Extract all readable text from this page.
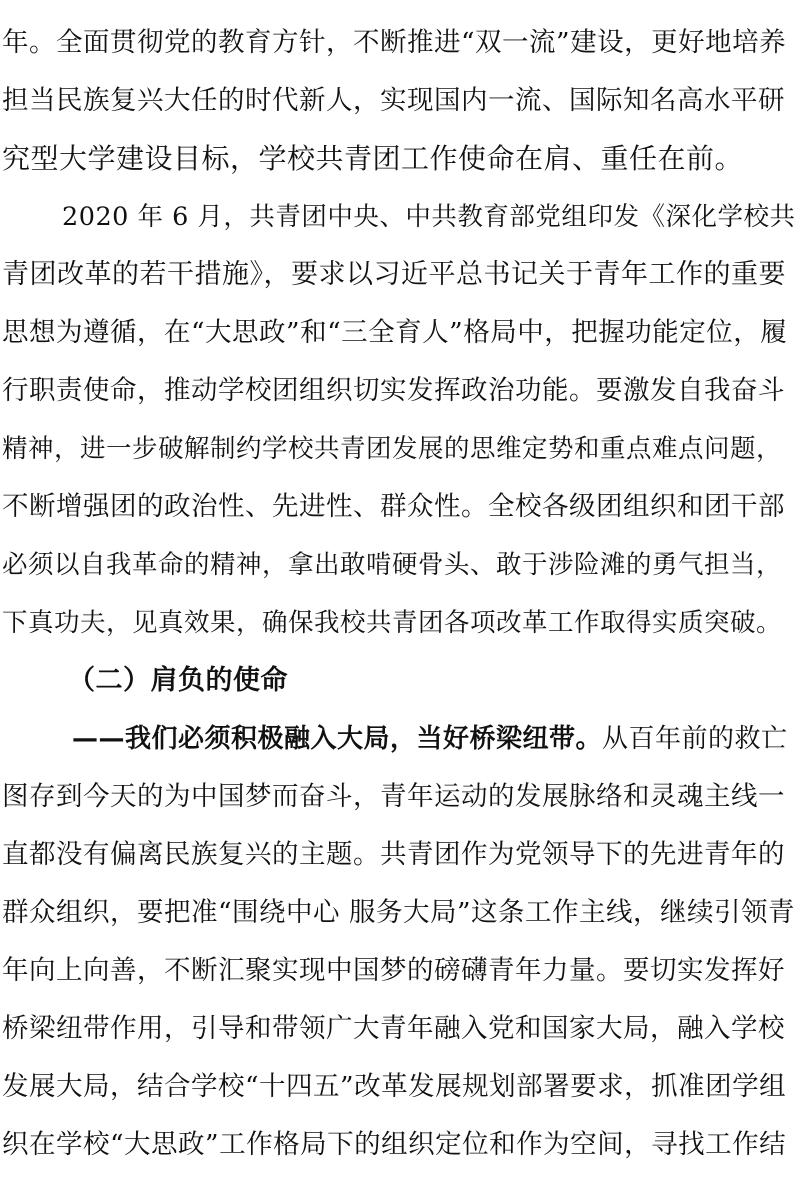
年。全面贯彻党的教育方针，不断推进“双一流”建设，更好地培养
担当民族复兴大任的时代新人，实现国内一流、国际知名高水平研
究型大学建设目标，学校共青团工作使命在肩、重任在前。
2020 年 6 月，共青团中央、中共教育部党组印发《深化学校共
青团改革的若干措施》，要求以习近平总书记关于青年工作的重要
思想为遵循，在“大思政”和“三全育人”格局中，把握功能定位，履
行职责使命，推动学校团组织切实发挥政治功能。要激发自我奋斗
精神，进一步破解制约学校共青团发展的思维定势和重点难点问题，
不断增强团的政治性、先进性、群众性。全校各级团组织和团干部
必须以自我革命的精神，拿出敢啃硬骨头、敢于涉险滩的勇气担当，
下真功夫，见真效果，确保我校共青团各项改革工作取得实质突破。
（二）肩负的使命
——我们必须积极融入大局，当好桥梁纽带。从百年前的救亡
图存到今天的为中国梦而奋斗，青年运动的发展脉络和灵魂主线一
直都没有偏离民族复兴的主题。共青团作为党领导下的先进青年的
群众组织，要把准“围绕中心 服务大局”这条工作主线，继续引领青
年向上向善，不断汇聚实现中国梦的磅礴青年力量。要切实发挥好
桥梁纽带作用，引导和带领广大青年融入党和国家大局，融入学校
发展大局，结合学校“十四五”改革发展规划部署要求，抓准团学组
织在学校“大思政”工作格局下的组织定位和作为空间，寻找工作结
